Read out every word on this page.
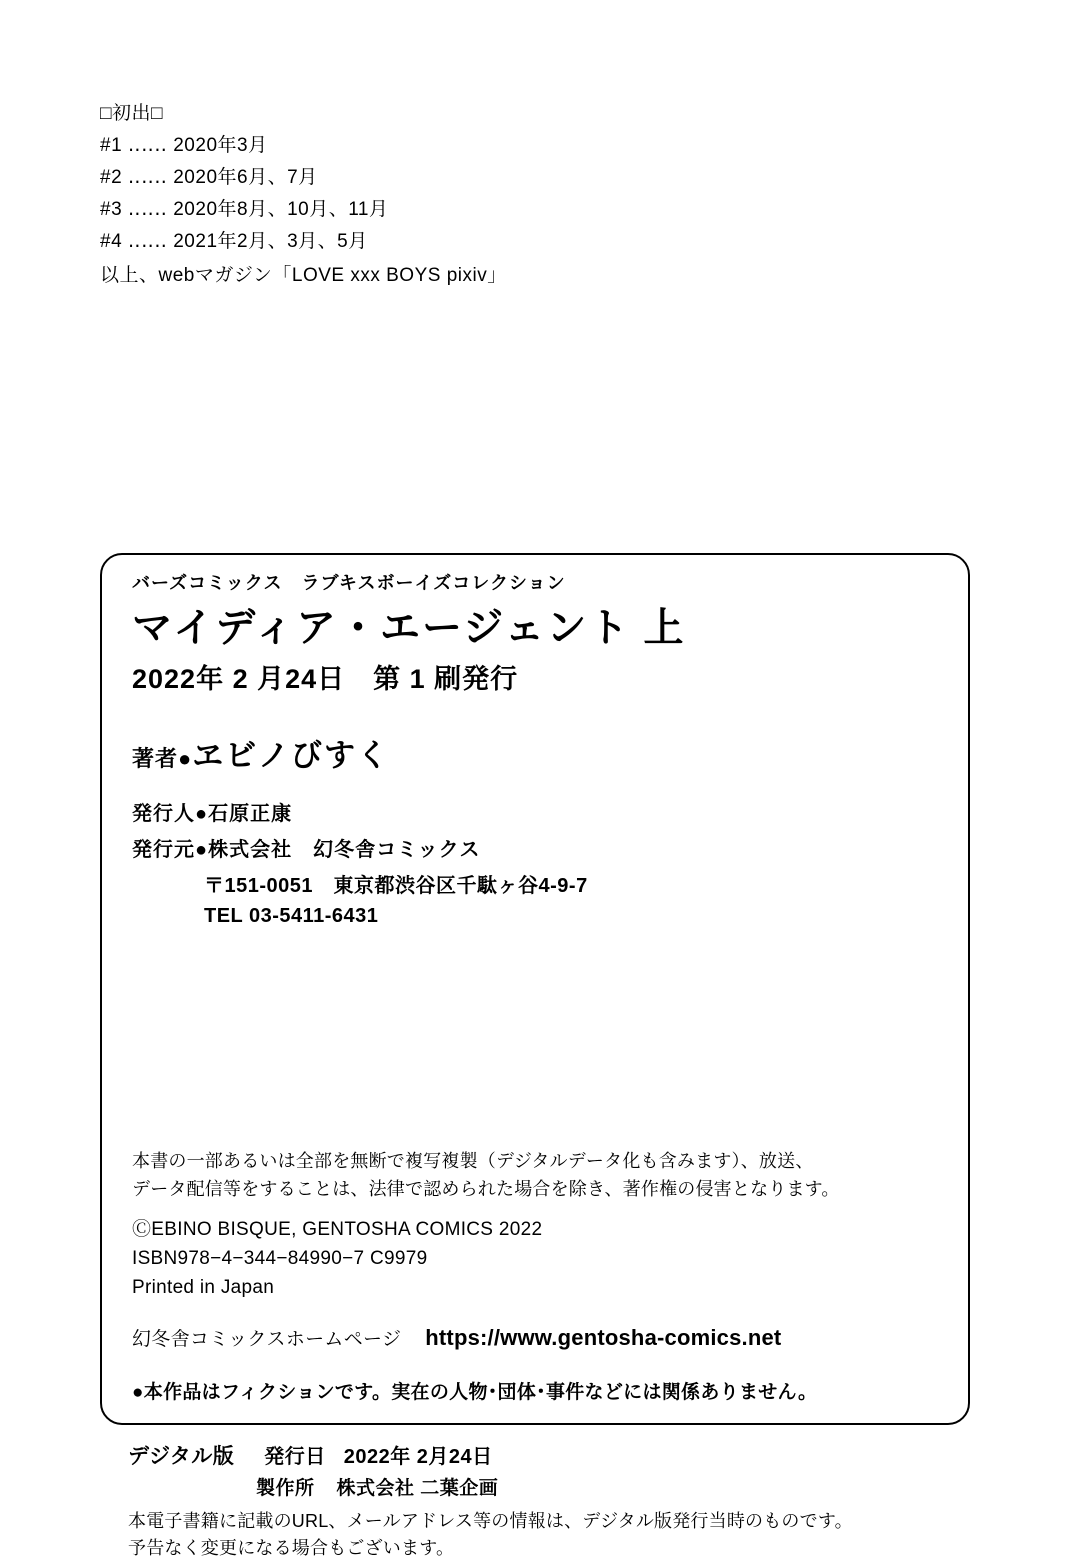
□初出□
#1 ‥‥‥ 2020年3月
#2 ‥‥‥ 2020年6月、7月
#3 ‥‥‥ 2020年8月、10月、11月
#4 ‥‥‥ 2021年2月、3月、5月
以上、webマガジン「LOVE xxx BOYS pixiv」
バーズコミックス　ラブキスボーイズコレクション
マイディア・エージェント 上
2022年 2 月24日　第 1 刷発行
著者●ヱビノびすく
発行人●石原正康
発行元●株式会社　幻冬舎コミックス
〒151-0051　東京都渋谷区千駄ヶ谷4-9-7
TEL 03-5411-6431
本書の一部あるいは全部を無断で複写複製（デジタルデータ化も含みます）、放送、
データ配信等をすることは、法律で認められた場合を除き、著作権の侵害となります。
ⒸEBINO BISQUE, GENTOSHA COMICS 2022
ISBN978−4−344−84990−7 C9979
Printed in Japan
幻冬舎コミックスホームページ https://www.gentosha-comics.net
●本作品はフィクションです。実在の人物･団体･事件などには関係ありません。
デジタル版 発行日 2022年 2月24日
製作所 株式会社 二葉企画
本電子書籍に記載のURL、メールアドレス等の情報は、デジタル版発行当時のものです。
予告なく変更になる場合もございます。
